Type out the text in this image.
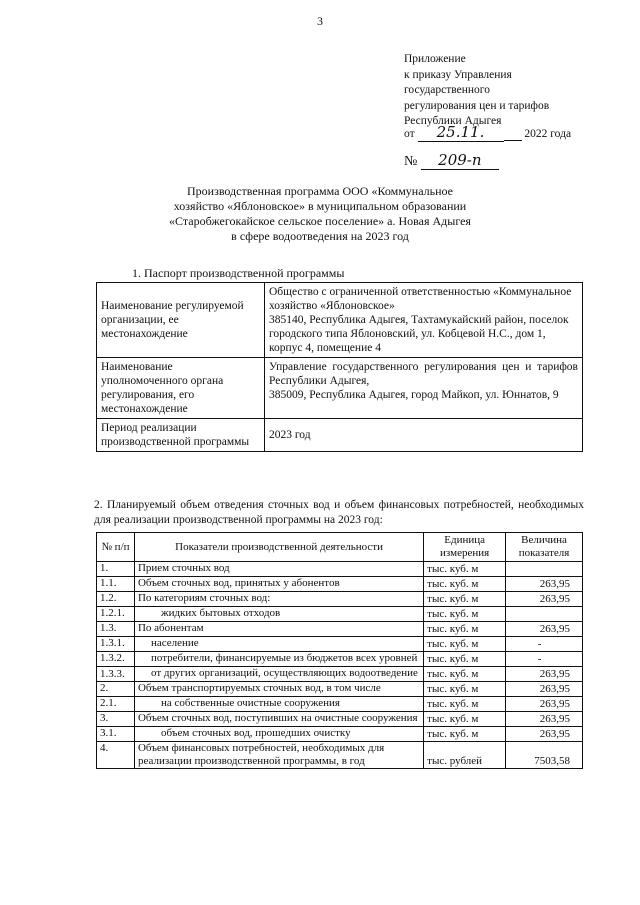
3
Приложение
к приказу Управления
государственного
регулирования цен и тарифов
Республики Адыгея
от 25.11.	2022 года
№ 209-п
Производственная программа ООО «Коммунальное
хозяйство «Яблоновское» в муниципальном образовании
«Старобжегокайское сельское поселение» а. Новая Адыгея
в сфере водоотведения на 2023 год
1. Паспорт производственной программы
Наименование регулируемой организации, ее местонахождение	Общество с ограниченной ответственностью «Коммунальное хозяйство «Яблоновское»
385140, Республика Адыгея, Тахтамукайский район, поселок городского типа Яблоновский, ул. Кобцевой Н.С., дом 1, корпус 4, помещение 4

Наименование уполномоченного органа регулирования, его местонахождение	Управление государственного регулирования цен и тарифов Республики Адыгея,
385009, Республика Адыгея, город Майкоп, ул. Юннатов, 9

Период реализации производственной программы	2023 год
2. Планируемый объем отведения сточных вод и объем финансовых потребностей, необходимых для реализации производственной программы на 2023 год:
№ п/п	Показатели производственной деятельности	Единица измерения	Величина показателя
1.	Прием сточных вод	тыс. куб. м	
1.1.	Объем сточных вод, принятых у абонентов	тыс. куб. м	263,95
1.2.	По категориям сточных вод:	тыс. куб. м	263,95
1.2.1.	жидких бытовых отходов	тыс. куб. м	
1.3.	По абонентам	тыс. куб. м	263,95
1.3.1.	население	тыс. куб. м	-
1.3.2.	потребители, финансируемые из бюджетов всех уровней	тыс. куб. м	-
1.3.3.	от других организаций, осуществляющих водоотведение	тыс. куб. м	263,95
2.	Объем транспортируемых сточных вод, в том числе	тыс. куб. м	263,95
2.1.	на собственные очистные сооружения	тыс. куб. м	263,95
3.	Объем сточных вод, поступивших на очистные сооружения	тыс. куб. м	263,95
3.1.	объем сточных вод, прошедших очистку	тыс. куб. м	263,95
4.	Объем финансовых потребностей, необходимых для реализации производственной программы, в год	тыс. рублей	7503,58
